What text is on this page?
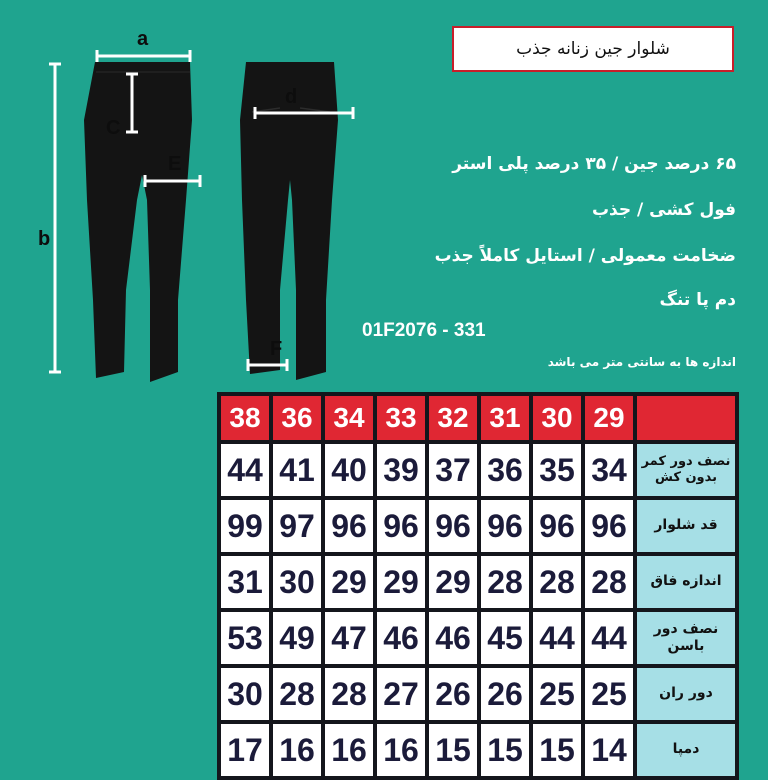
a
b
C
E
d
F
شلوار جین زنانه جذب
۶۵ درصد جین / ۳۵ درصد پلی استر
فول کشی / جذب
ضخامت معمولی / استایل کاملاً جذب
دم پا تنگ
01F2076 - 331
اندازه ها به سانتی متر می باشد
38	36	34	33	32	31	30	29	
44	41	40	39	37	36	35	34	نصف دور کمر بدون کش
99	97	96	96	96	96	96	96	قد شلوار
31	30	29	29	29	28	28	28	اندازه فاق
53	49	47	46	46	45	44	44	نصف دور باسن
30	28	28	27	26	26	25	25	دور ران
17	16	16	16	15	15	15	14	دمپا
